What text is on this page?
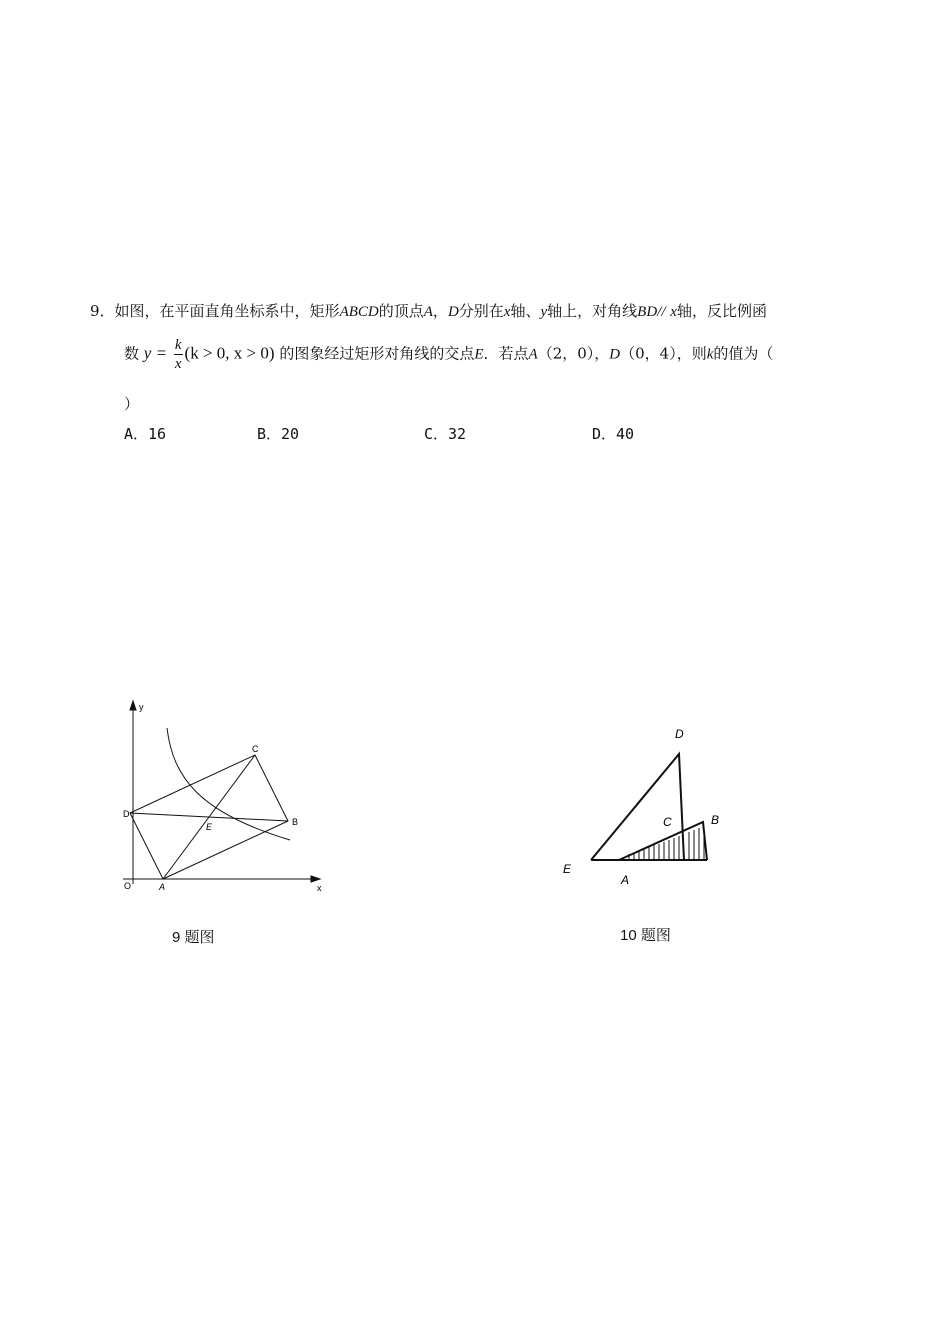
9．如图，在平面直角坐标系中，矩形ABCD的顶点A，D分别在x轴、y轴上，对角线BD// x轴，反比例函
数 $y = \frac{k}{x} (k > 0$, x > 0) 的图象经过矩形对角线的交点E．若点A（2，0），D（0，4），则k的值为（
）
A．16	B．20	C．32	D．40
y
x
O	A
B
C
D
E
9 题图
D
C	B
E
A
10 题图
